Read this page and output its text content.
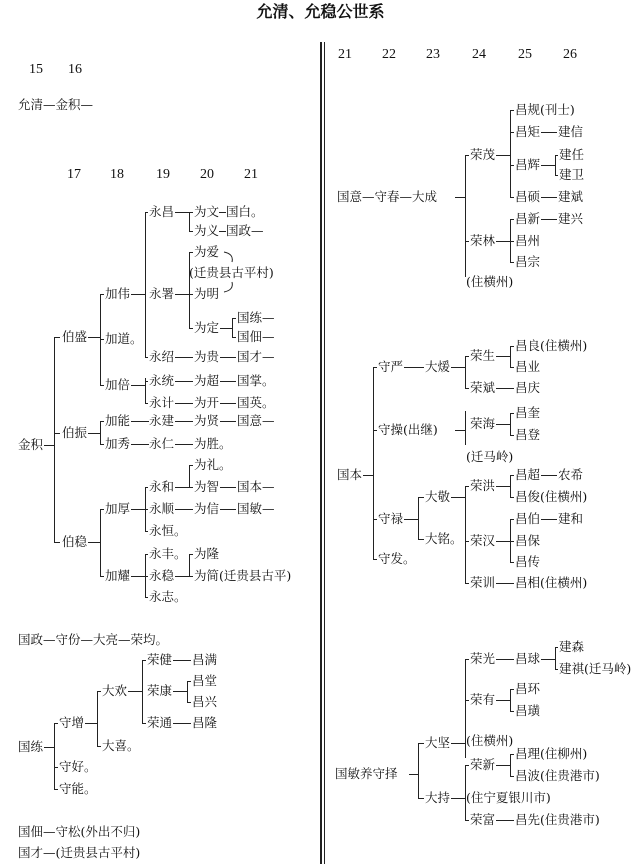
允清、允稳公世系
15 16
允清—金积—
17 18 19 20 21
金积
伯盛
伯振
伯稳
加伟
加道。
加倍
加能
加秀
加厚
加耀
永昌
永署
永绍
为文
为义
国白。
国政—
为爱
(迁贵县古平村)
为明
为定
国练—
国佃—
为贵 国才—
永统
永计
为超
为开
国掌。
国英。
永建 为贤 国意—
永仁 为胜。
永和
永顺
永恒。
为礼。
为智 国本—
为信 国敏—
永丰。
永稳
永志。
为隆
为简(迁贵县古平)
国政—守份—大亮—荣均。
国练
守增
守好。
守能。
大欢
大喜。
荣健
荣康
荣通
昌满
昌堂
昌兴
昌隆
国佃—守松(外出不归)
国才—(迁贵县古平村)
21 22 23 24 25 26
国意—守春—大成
荣茂
荣林
(住横州)
昌规(刊士)
昌矩 建信
昌辉
建任
建卫
昌硕 建斌
昌新 建兴
昌州
昌宗
国本
守严
守操(出继)
守禄
守发。
大煖
荣生
荣斌
昌良(住横州)
昌业
昌庆
荣海
昌奎
昌登
(迁马岭)
大敬
大铭。
荣洪
荣汉
荣训
昌超 农希
昌俊(住横州)
昌伯 建和
昌保
昌传
昌相(住横州)
国敏养守择
大坚
大持
荣光
荣有
(住横州)
荣新
(住宁夏银川市)
荣富
昌球
建森
建祺(迁马岭)
昌环
昌璜
昌理(住柳州)
昌波(住贵港市)
昌先(住贵港市)
